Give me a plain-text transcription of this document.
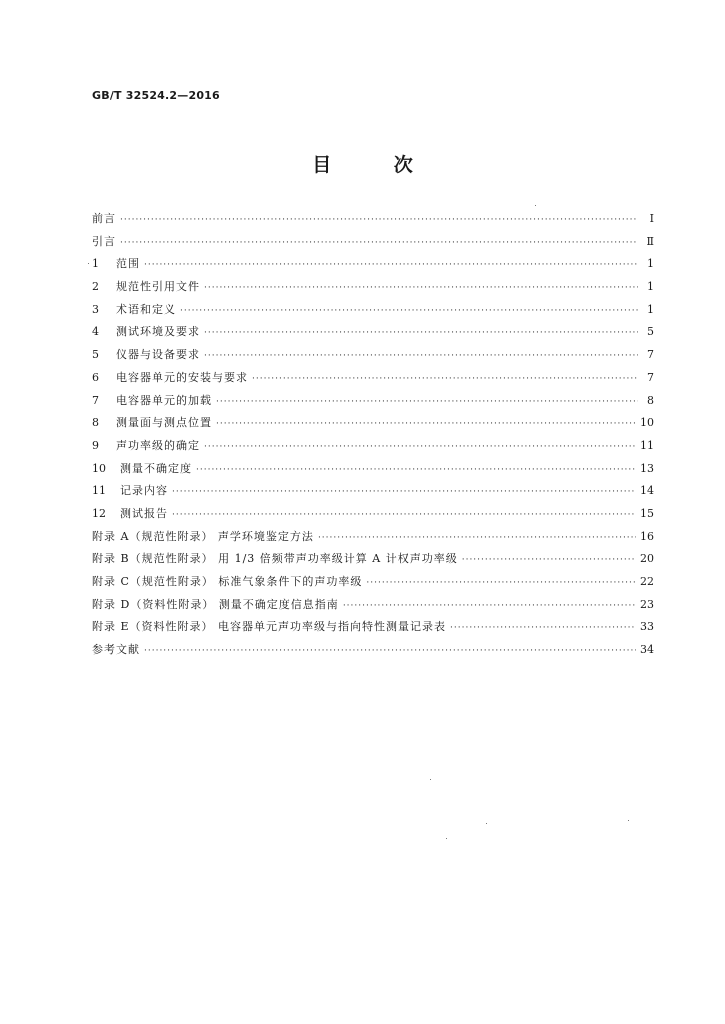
GB/T 32524.2—2016
目 次
前言 ·····	Ⅰ
引言 ·····	Ⅱ
1	范围 ·····	1
2	规范性引用文件 ·····	1
3	术语和定义 ·····	1
4	测试环境及要求 ·····	5
5	仪器与设备要求 ·····	7
6	电容器单元的安装与要求 ·····	7
7	电容器单元的加载 ·····	8
8	测量面与测点位置 ·····	10
9	声功率级的确定 ·····	11
10	测量不确定度 ·····	13
11	记录内容 ·····	14
12	测试报告 ·····	15
附录 A（规范性附录） 声学环境鉴定方法 ·····	16
附录 B（规范性附录） 用 1/3 倍频带声功率级计算 A 计权声功率级 ·····	20
附录 C（规范性附录） 标准气象条件下的声功率级 ·····	22
附录 D（资料性附录） 测量不确定度信息指南 ·····	23
附录 E（资料性附录） 电容器单元声功率级与指向特性测量记录表 ·····	33
参考文献 ·····	34
